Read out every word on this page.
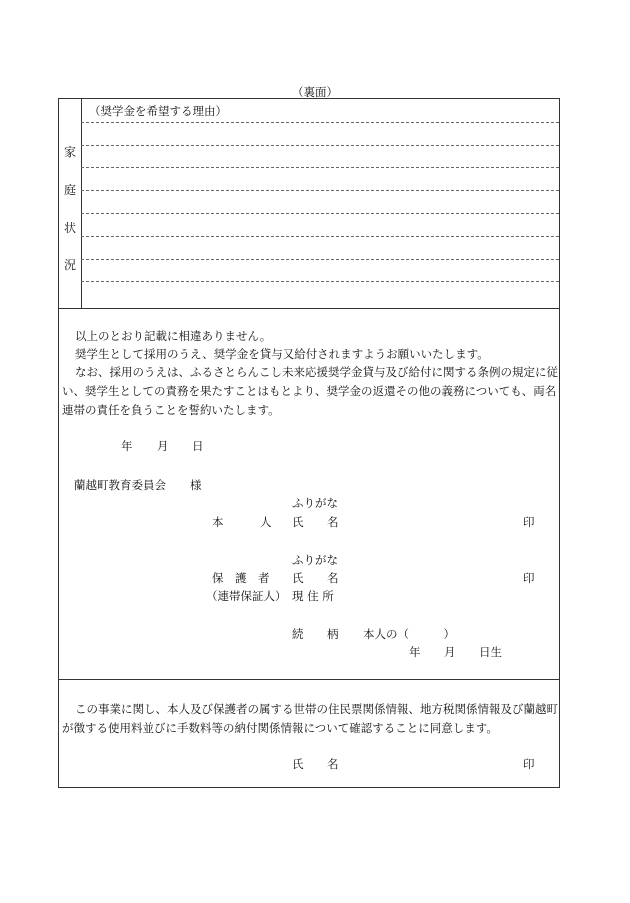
（裏面）
家
庭
状
況
（奨学金を希望する理由）
以上のとおり記載に相違ありません。
奨学生として採用のうえ、奨学金を貸与又給付されますようお願いいたします。
なお、採用のうえは、ふるさとらんこし未来応援奨学金貸与及び給付に関する条例の規定に従
い、奨学生としての責務を果たすことはもとより、奨学金の返還その他の義務についても、両名
連帯の責任を負うことを誓約いたします。
年 月 日
蘭越町教育委員会 様
ふりがな
本	人 氏 名	印
ふりがな
保　護　者 氏 名	印
（連帯保証人） 現 住 所
続 柄 本人の（　　　）
年 月 日生
この事業に関し、本人及び保護者の属する世帯の住民票関係情報、地方税関係情報及び蘭越町
が徴する使用料並びに手数料等の納付関係情報について確認することに同意します。
氏 名	印
